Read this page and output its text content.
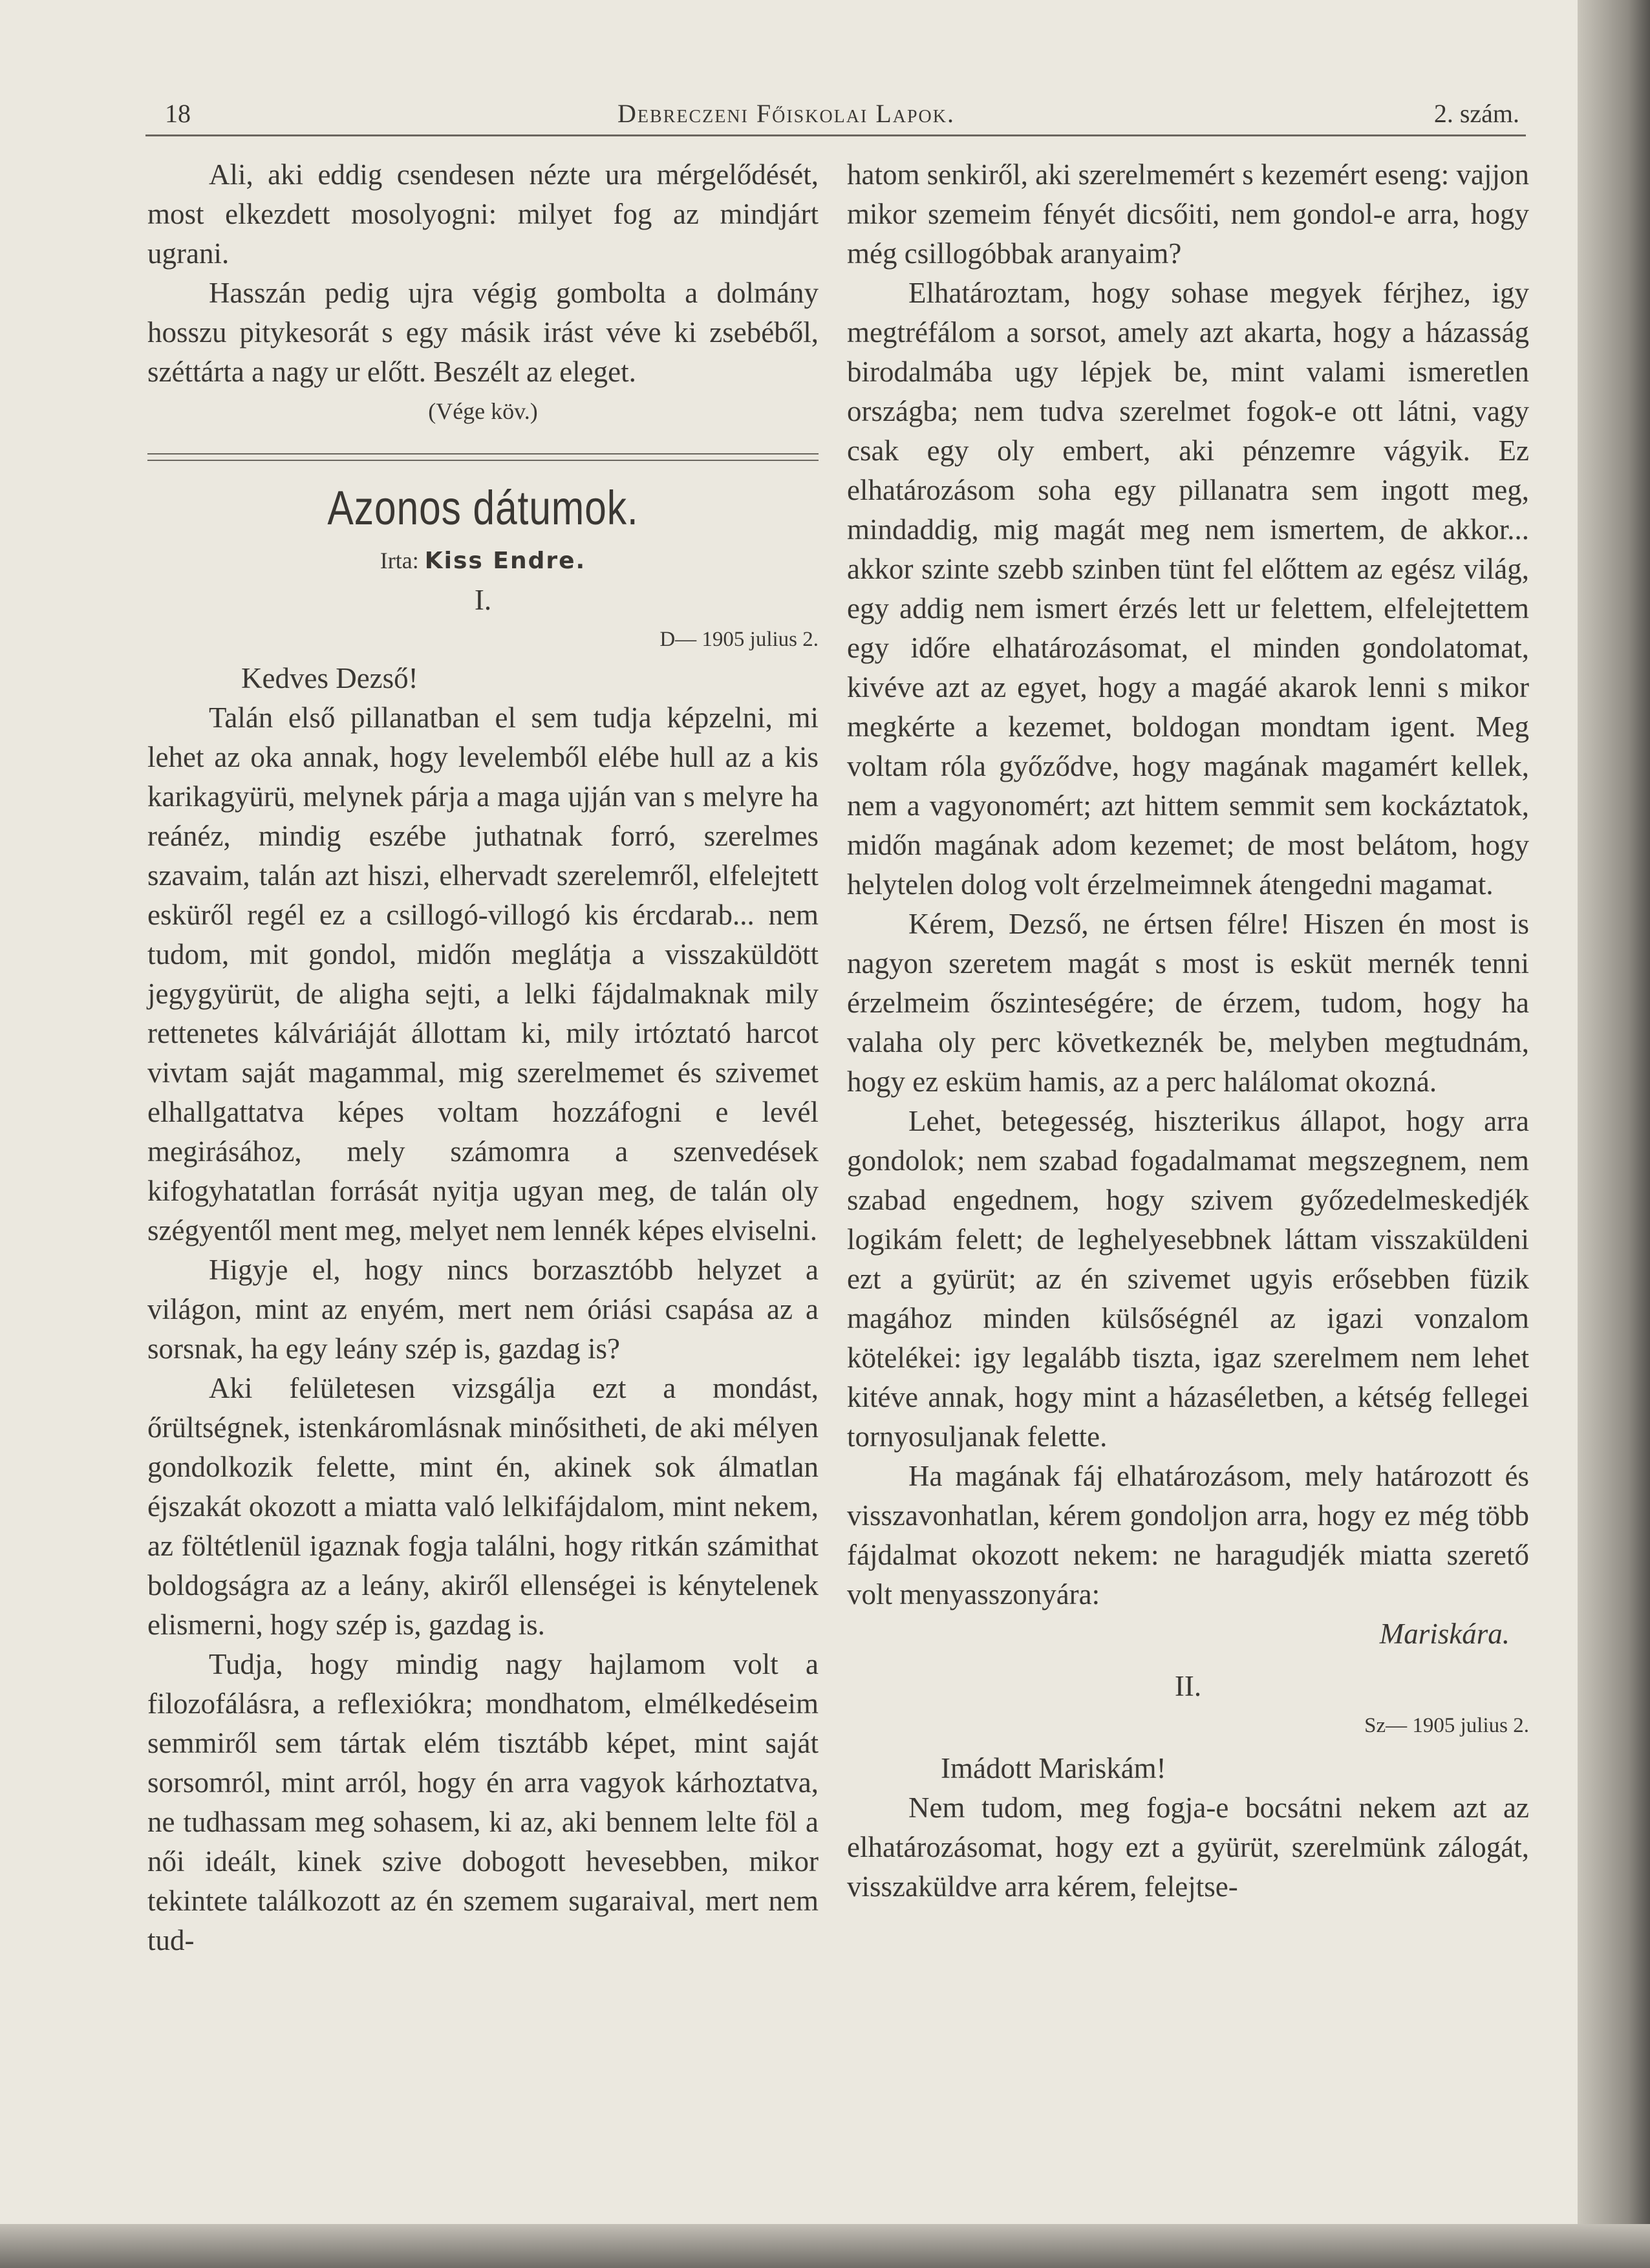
18	Debreczeni Főiskolai Lapok.	2. szám.

Ali, aki eddig csendesen nézte ura mérgelődését, most elkezdett mosolyogni: milyet fog az mindjárt ugrani.

Hasszán pedig ujra végig gombolta a dolmány hosszu pitykesorát s egy másik irást véve ki zsebéből, széttárta a nagy ur előtt. Beszélt az eleget.

(Vége köv.)

Azonos dátumok.
Irta: Kiss Endre.

I.

D— 1905 julius 2.

Kedves Dezső!

Talán első pillanatban el sem tudja képzelni, mi lehet az oka annak, hogy levelemből elébe hull az a kis karikagyürü, melynek párja a maga ujján van s melyre ha reánéz, mindig eszébe juthatnak forró, szerelmes szavaim, talán azt hiszi, elhervadt szerelemről, elfelejtett esküről regél ez a csillogó-villogó kis ércdarab... nem tudom, mit gondol, midőn meglátja a visszaküldött jegygyürüt, de aligha sejti, a lelki fájdalmaknak mily rettenetes kálváriáját állottam ki, mily irtóztató harcot vivtam saját magammal, mig szerelmemet és szivemet elhallgattatva képes voltam hozzáfogni e levél megirásához, mely számomra a szenvedések kifogyhatatlan forrását nyitja ugyan meg, de talán oly szégyentől ment meg, melyet nem lennék képes elviselni.

Higyje el, hogy nincs borzasztóbb helyzet a világon, mint az enyém, mert nem óriási csapása az a sorsnak, ha egy leány szép is, gazdag is?

Aki felületesen vizsgálja ezt a mondást, őrültségnek, istenkáromlásnak minősitheti, de aki mélyen gondolkozik felette, mint én, akinek sok álmatlan éjszakát okozott a miatta való lelkifájdalom, mint nekem, az föltétlenül igaznak fogja találni, hogy ritkán számithat boldogságra az a leány, akiről ellenségei is kénytelenek elismerni, hogy szép is, gazdag is.

Tudja, hogy mindig nagy hajlamom volt a filozofálásra, a reflexiókra; mondhatom, elmélkedéseim semmiről sem tártak elém tisztább képet, mint saját sorsomról, mint arról, hogy én arra vagyok kárhoztatva, ne tudhassam meg sohasem, ki az, aki bennem lelte föl a női ideált, kinek szive dobogott hevesebben, mikor tekintete találkozott az én szemem sugaraival, mert nem tud-

hatom senkiről, aki szerelmemért s kezemért eseng: vajjon mikor szemeim fényét dicsőiti, nem gondol-e arra, hogy még csillogóbbak aranyaim?

Elhatároztam, hogy sohase megyek férjhez, igy megtréfálom a sorsot, amely azt akarta, hogy a házasság birodalmába ugy lépjek be, mint valami ismeretlen országba; nem tudva szerelmet fogok-e ott látni, vagy csak egy oly embert, aki pénzemre vágyik. Ez elhatározásom soha egy pillanatra sem ingott meg, mindaddig, mig magát meg nem ismertem, de akkor... akkor szinte szebb szinben tünt fel előttem az egész világ, egy addig nem ismert érzés lett ur felettem, elfelejtettem egy időre elhatározásomat, el minden gondolatomat, kivéve azt az egyet, hogy a magáé akarok lenni s mikor megkérte a kezemet, boldogan mondtam igent. Meg voltam róla győződve, hogy magának magamért kellek, nem a vagyonomért; azt hittem semmit sem kockáztatok, midőn magának adom kezemet; de most belátom, hogy helytelen dolog volt érzelmeimnek átengedni magamat.

Kérem, Dezső, ne értsen félre! Hiszen én most is nagyon szeretem magát s most is esküt mernék tenni érzelmeim őszinteségére; de érzem, tudom, hogy ha valaha oly perc következnék be, melyben megtudnám, hogy ez esküm hamis, az a perc halálomat okozná.

Lehet, betegesség, hiszterikus állapot, hogy arra gondolok; nem szabad fogadalmamat megszegnem, nem szabad engednem, hogy szivem győzedelmeskedjék logikám felett; de leghelyesebbnek láttam visszaküldeni ezt a gyürüt; az én szivemet ugyis erősebben füzik magához minden külsőségnél az igazi vonzalom kötelékei: igy legalább tiszta, igaz szerelmem nem lehet kitéve annak, hogy mint a házaséletben, a kétség fellegei tornyosuljanak felette.

Ha magának fáj elhatározásom, mely határozott és visszavonhatlan, kérem gondoljon arra, hogy ez még több fájdalmat okozott nekem: ne haragudjék miatta szerető volt menyasszonyára:

Mariskára.

II.

Sz— 1905 julius 2.

Imádott Mariskám!

Nem tudom, meg fogja-e bocsátni nekem azt az elhatározásomat, hogy ezt a gyürüt, szerelmünk zálogát, visszaküldve arra kérem, felejtse-
